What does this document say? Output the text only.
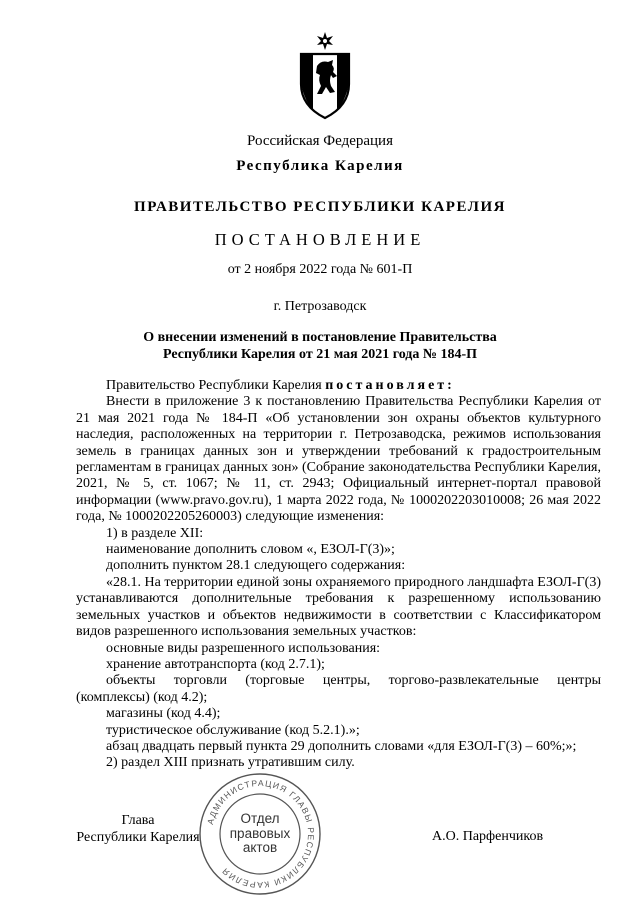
Российская Федерация
Республика Карелия
ПРАВИТЕЛЬСТВО РЕСПУБЛИКИ КАРЕЛИЯ
ПОСТАНОВЛЕНИЕ
от 2 ноября 2022 года № 601-П
г. Петрозаводск
О внесении изменений в постановление Правительства
Республики Карелия от 21 мая 2021 года № 184-П

Правительство Республики Карелия постановляет:

Внести в приложение 3 к постановлению Правительства Республики Карелия от 21 мая 2021 года № 184-П «Об установлении зон охраны объектов культурного наследия, расположенных на территории г. Петрозаводска, режимов использования земель в границах данных зон и утверждении требований к градостроительным регламентам в границах данных зон» (Собрание законодательства Республики Карелия, 2021, № 5, ст. 1067; № 11, ст. 2943; Официальный интернет-портал правовой информации (www.pravo.gov.ru), 1 марта 2022 года, № 1000202203010008; 26 мая 2022 года, № 1000202205260003) следующие изменения:

1) в разделе XII:

наименование дополнить словом «, ЕЗОЛ-Г(3)»;

дополнить пунктом 28.1 следующего содержания:

«28.1. На территории единой зоны охраняемого природного ландшафта ЕЗОЛ-Г(3) устанавливаются дополнительные требования к разрешенному использованию земельных участков и объектов недвижимости в соответствии с Классификатором видов разрешенного использования земельных участков:

основные виды разрешенного использования:

хранение автотранспорта (код 2.7.1);

объекты торговли (торговые центры, торгово-развлекательные центры (комплексы) (код 4.2);

магазины (код 4.4);

туристическое обслуживание (код 5.2.1).»;

абзац двадцать первый пункта 29 дополнить словами «для ЕЗОЛ-Г(3) – 60%;»;

2) раздел XIII признать утратившим силу.

Глава
Республики Карелия	А.О. Парфенчиков
АДМИНИСТРАЦИЯ ГЛАВЫ РЕСПУБЛИКИ КАРЕЛИЯ
Отдел
правовых
актов
